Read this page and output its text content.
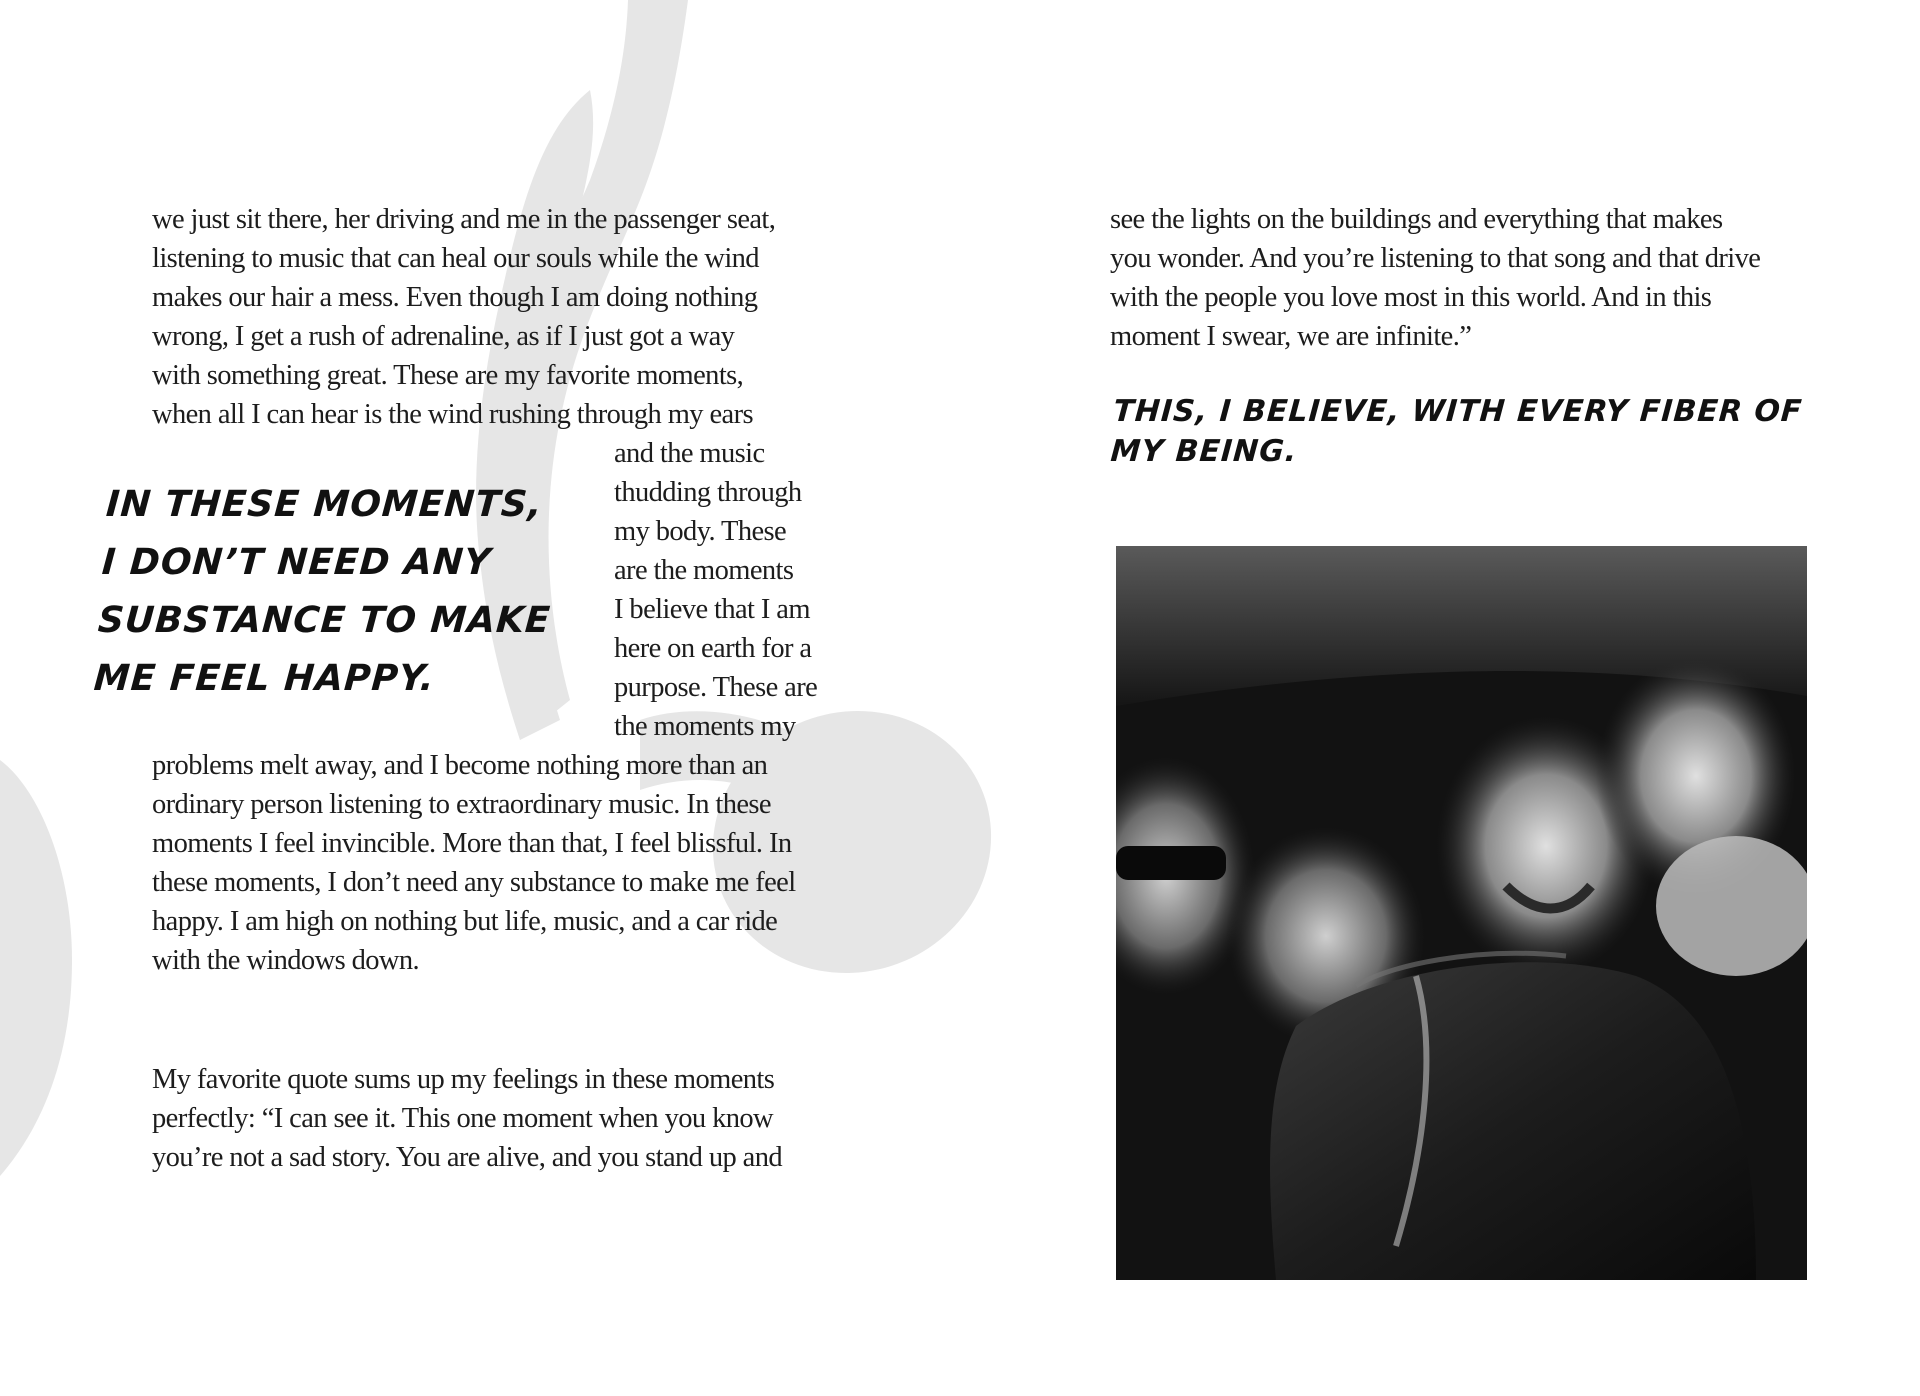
we just sit there, her driving and me in the passenger seat,
listening to music that can heal our souls while the wind
makes our hair a mess. Even though I am doing nothing
wrong, I get a rush of adrenaline, as if I just got a way
with something great. These are my favorite moments,
when all I can hear is the wind rushing through my ears
and the music
thudding through
my body. These
are the moments
I believe that I am
here on earth for a
purpose. These are
the moments my
IN THESE MOMENTS,
I DON’T NEED ANY
SUBSTANCE TO MAKE
ME FEEL HAPPY.
problems melt away, and I become nothing more than an
ordinary person listening to extraordinary music. In these
moments I feel invincible. More than that, I feel blissful. In
these moments, I don’t need any substance to make me feel
happy. I am high on nothing but life, music, and a car ride
with the windows down.
My favorite quote sums up my feelings in these moments
perfectly: “I can see it. This one moment when you know
you’re not a sad story. You are alive, and you stand up and
see the lights on the buildings and everything that makes
you wonder. And you’re listening to that song and that drive
with the people you love most in this world. And in this
moment I swear, we are infinite.”
THIS, I BELIEVE, WITH EVERY FIBER OF
MY BEING.
